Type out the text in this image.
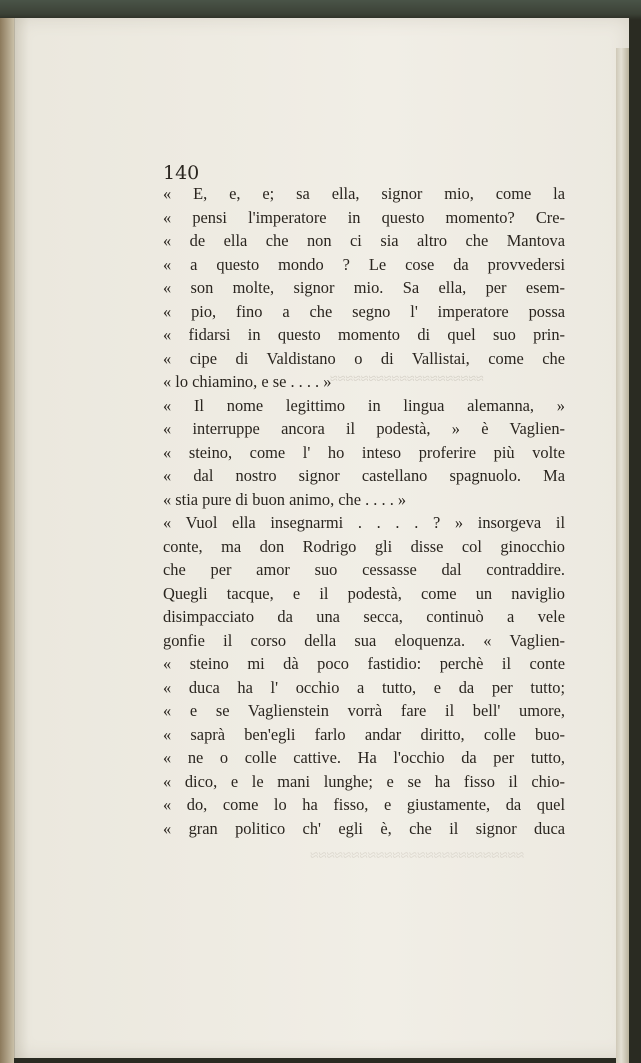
≈≈≈≈≈≈≈≈≈≈≈≈≈≈≈≈≈≈≈≈
≈≈≈≈≈≈≈≈≈≈≈≈≈≈≈≈≈≈≈≈≈≈≈≈≈≈
140
« E, e, e; sa ella, signor mio, come la
« pensi l'imperatore in questo momento? Cre-
« de ella che non ci sia altro che Mantova
« a questo mondo ? Le cose da provvedersi
« son molte, signor mio. Sa ella, per esem-
« pio, fino a che segno l' imperatore possa
« fidarsi in questo momento di quel suo prin-
« cipe di Valdistano o di Vallistai, come che
« lo chiamino, e se . . . . »
« Il nome legittimo in lingua alemanna, »
« interruppe ancora il podestà, » è Vaglien-
« steino, come l' ho inteso proferire più volte
« dal nostro signor castellano spagnuolo. Ma
« stia pure di buon animo, che . . . . »
« Vuol ella insegnarmi . . . . ? » insorgeva il
conte, ma don Rodrigo gli disse col ginocchio
che per amor suo cessasse dal contraddire.
Quegli tacque, e il podestà, come un naviglio
disimpacciato da una secca, continuò a vele
gonfie il corso della sua eloquenza. « Vaglien-
« steino mi dà poco fastidio: perchè il conte
« duca ha l' occhio a tutto, e da per tutto;
« e se Vaglienstein vorrà fare il bell' umore,
« saprà ben'egli farlo andar diritto, colle buo-
« ne o colle cattive. Ha l'occhio da per tutto,
« dico, e le mani lunghe; e se ha fisso il chio-
« do, come lo ha fisso, e giustamente, da quel
« gran politico ch' egli è, che il signor duca
